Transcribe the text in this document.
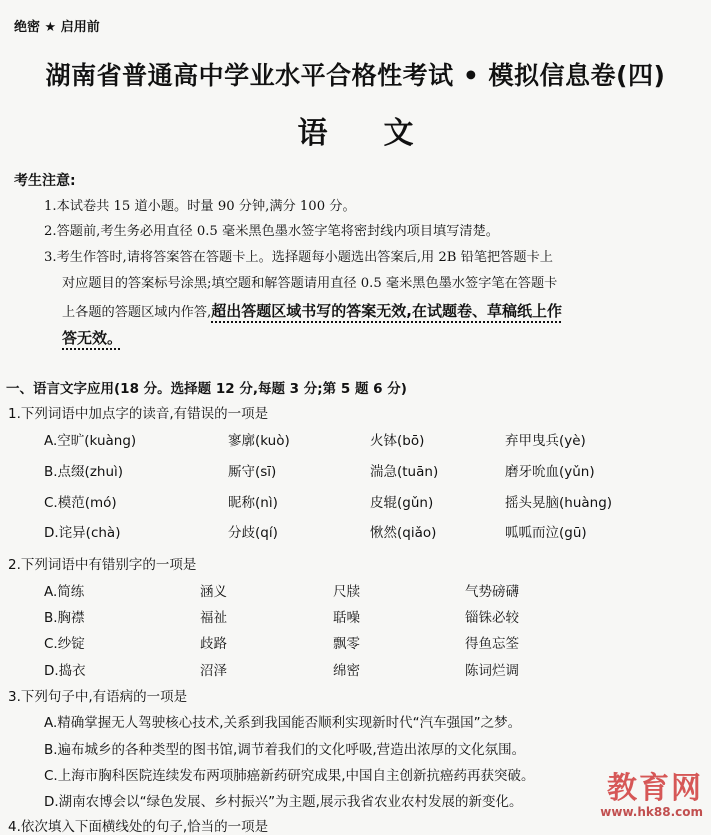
绝密 ★ 启用前
湖南省普通高中学业水平合格性考试 • 模拟信息卷(四)
语文
考生注意:
1.本试卷共 15 道小题。时量 90 分钟,满分 100 分。
2.答题前,考生务必用直径 0.5 毫米黑色墨水签字笔将密封线内项目填写清楚。
3.考生作答时,请将答案答在答题卡上。选择题每小题选出答案后,用 2B 铅笔把答题卡上
对应题目的答案标号涂黑;填空题和解答题请用直径 0.5 毫米黑色墨水签字笔在答题卡
上各题的答题区域内作答,超出答题区域书写的答案无效,在试题卷、草稿纸上作
答无效。
一、语言文字应用(18 分。选择题 12 分,每题 3 分;第 5 题 6 分)
1.下列词语中加点字的读音,有错误的一项是
A.空旷(kuàng)	寥廓(kuò)	火钵(bō)	弃甲曳兵(yè)
B.点缀(zhuì)	厮守(sī)	湍急(tuān)	磨牙吮血(yǔn)
C.模范(mó)	昵称(nì)	皮辊(gǔn)	摇头晃脑(huàng)
D.诧异(chà)	分歧(qí)	愀然(qiǎo)	呱呱而泣(gū)
2.下列词语中有错别字的一项是
A.简练	涵义	尺牍	气势磅礴
B.胸襟	福祉	聒噪	锱铢必较
C.纱锭	歧路	飘零	得鱼忘筌
D.捣衣	沼泽	绵密	陈词烂调
3.下列句子中,有语病的一项是
A.精确掌握无人驾驶核心技术,关系到我国能否顺利实现新时代“汽车强国”之梦。
B.遍布城乡的各种类型的图书馆,调节着我们的文化呼吸,营造出浓厚的文化氛围。
C.上海市胸科医院连续发布两项肺癌新药研究成果,中国自主创新抗癌药再获突破。
D.湖南农博会以“绿色发展、乡村振兴”为主题,展示我省农业农村发展的新变化。
4.依次填入下面横线处的句子,恰当的一项是
教育网
www.hk88.com
